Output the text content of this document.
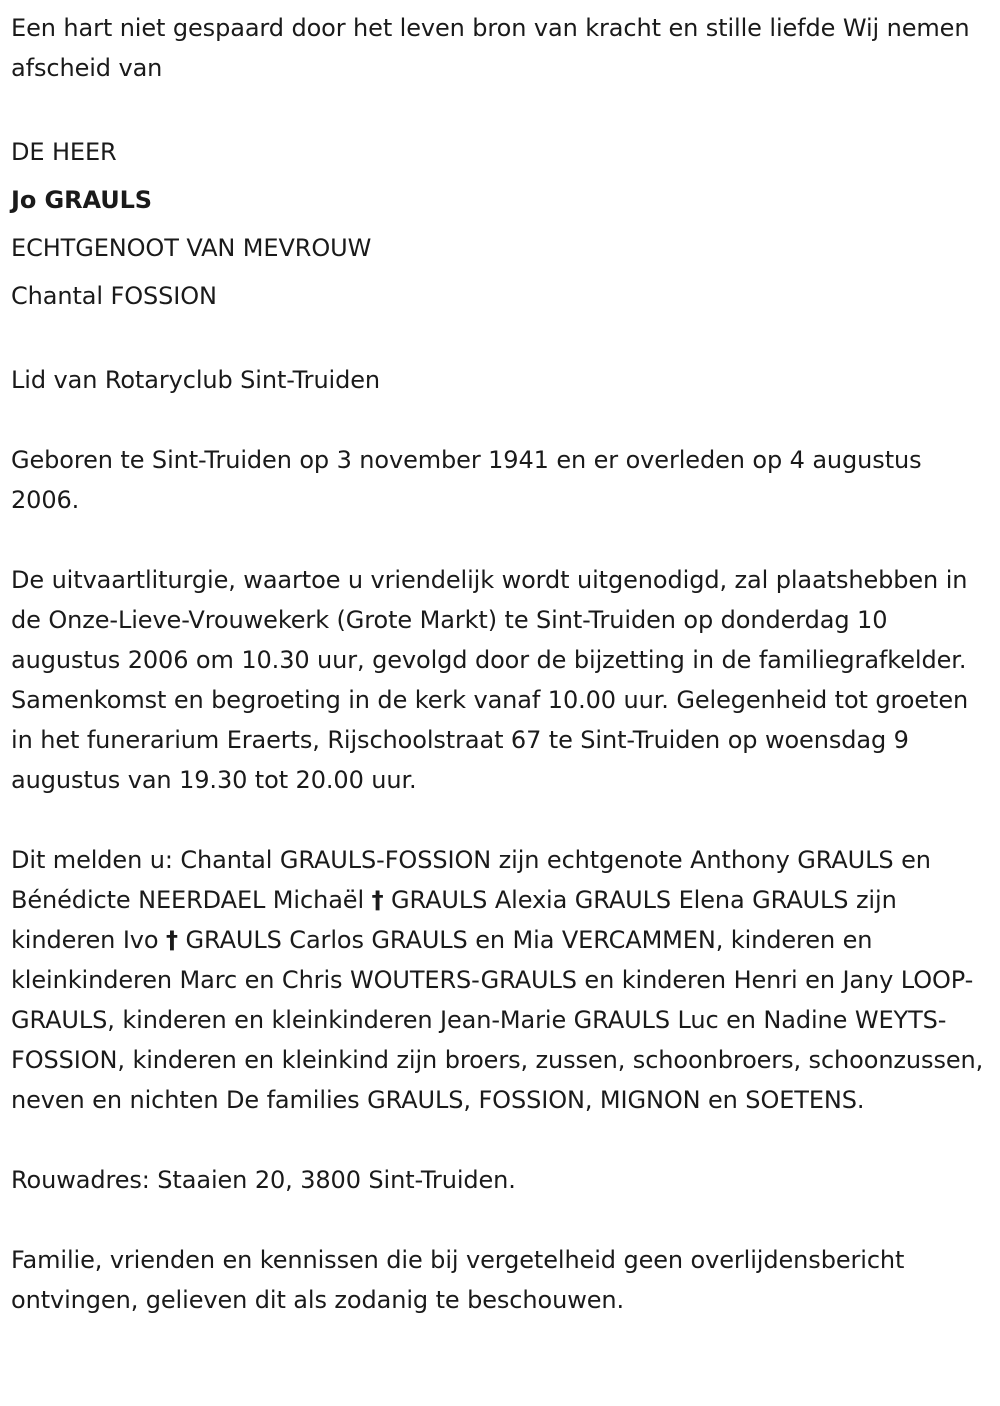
Een hart niet gespaard door het leven bron van kracht en stille liefde Wij nemen afscheid van

DE HEER

Jo GRAULS

ECHTGENOOT VAN MEVROUW

Chantal FOSSION

Lid van Rotaryclub Sint-Truiden

Geboren te Sint-Truiden op 3 november 1941 en er overleden op 4 augustus 2006.

De uitvaartliturgie, waartoe u vriendelijk wordt uitgenodigd, zal plaatshebben in de Onze-Lieve-Vrouwekerk (Grote Markt) te Sint-Truiden op donderdag 10 augustus 2006 om 10.30 uur, gevolgd door de bijzetting in de familiegrafkelder. Samenkomst en begroeting in de kerk vanaf 10.00 uur. Gelegenheid tot groeten in het funerarium Eraerts, Rijschoolstraat 67 te Sint-Truiden op woensdag 9 augustus van 19.30 tot 20.00 uur.

Dit melden u: Chantal GRAULS-FOSSION zijn echtgenote Anthony GRAULS en Bénédicte NEERDAEL Michaël † GRAULS Alexia GRAULS Elena GRAULS zijn kinderen Ivo † GRAULS Carlos GRAULS en Mia VERCAMMEN, kinderen en kleinkinderen Marc en Chris WOUTERS-GRAULS en kinderen Henri en Jany LOOP-GRAULS, kinderen en kleinkinderen Jean-Marie GRAULS Luc en Nadine WEYTS-FOSSION, kinderen en kleinkind zijn broers, zussen, schoonbroers, schoonzussen, neven en nichten De families GRAULS, FOSSION, MIGNON en SOETENS.

Rouwadres: Staaien 20, 3800 Sint-Truiden.

Familie, vrienden en kennissen die bij vergetelheid geen overlijdensbericht ontvingen, gelieven dit als zodanig te beschouwen.
